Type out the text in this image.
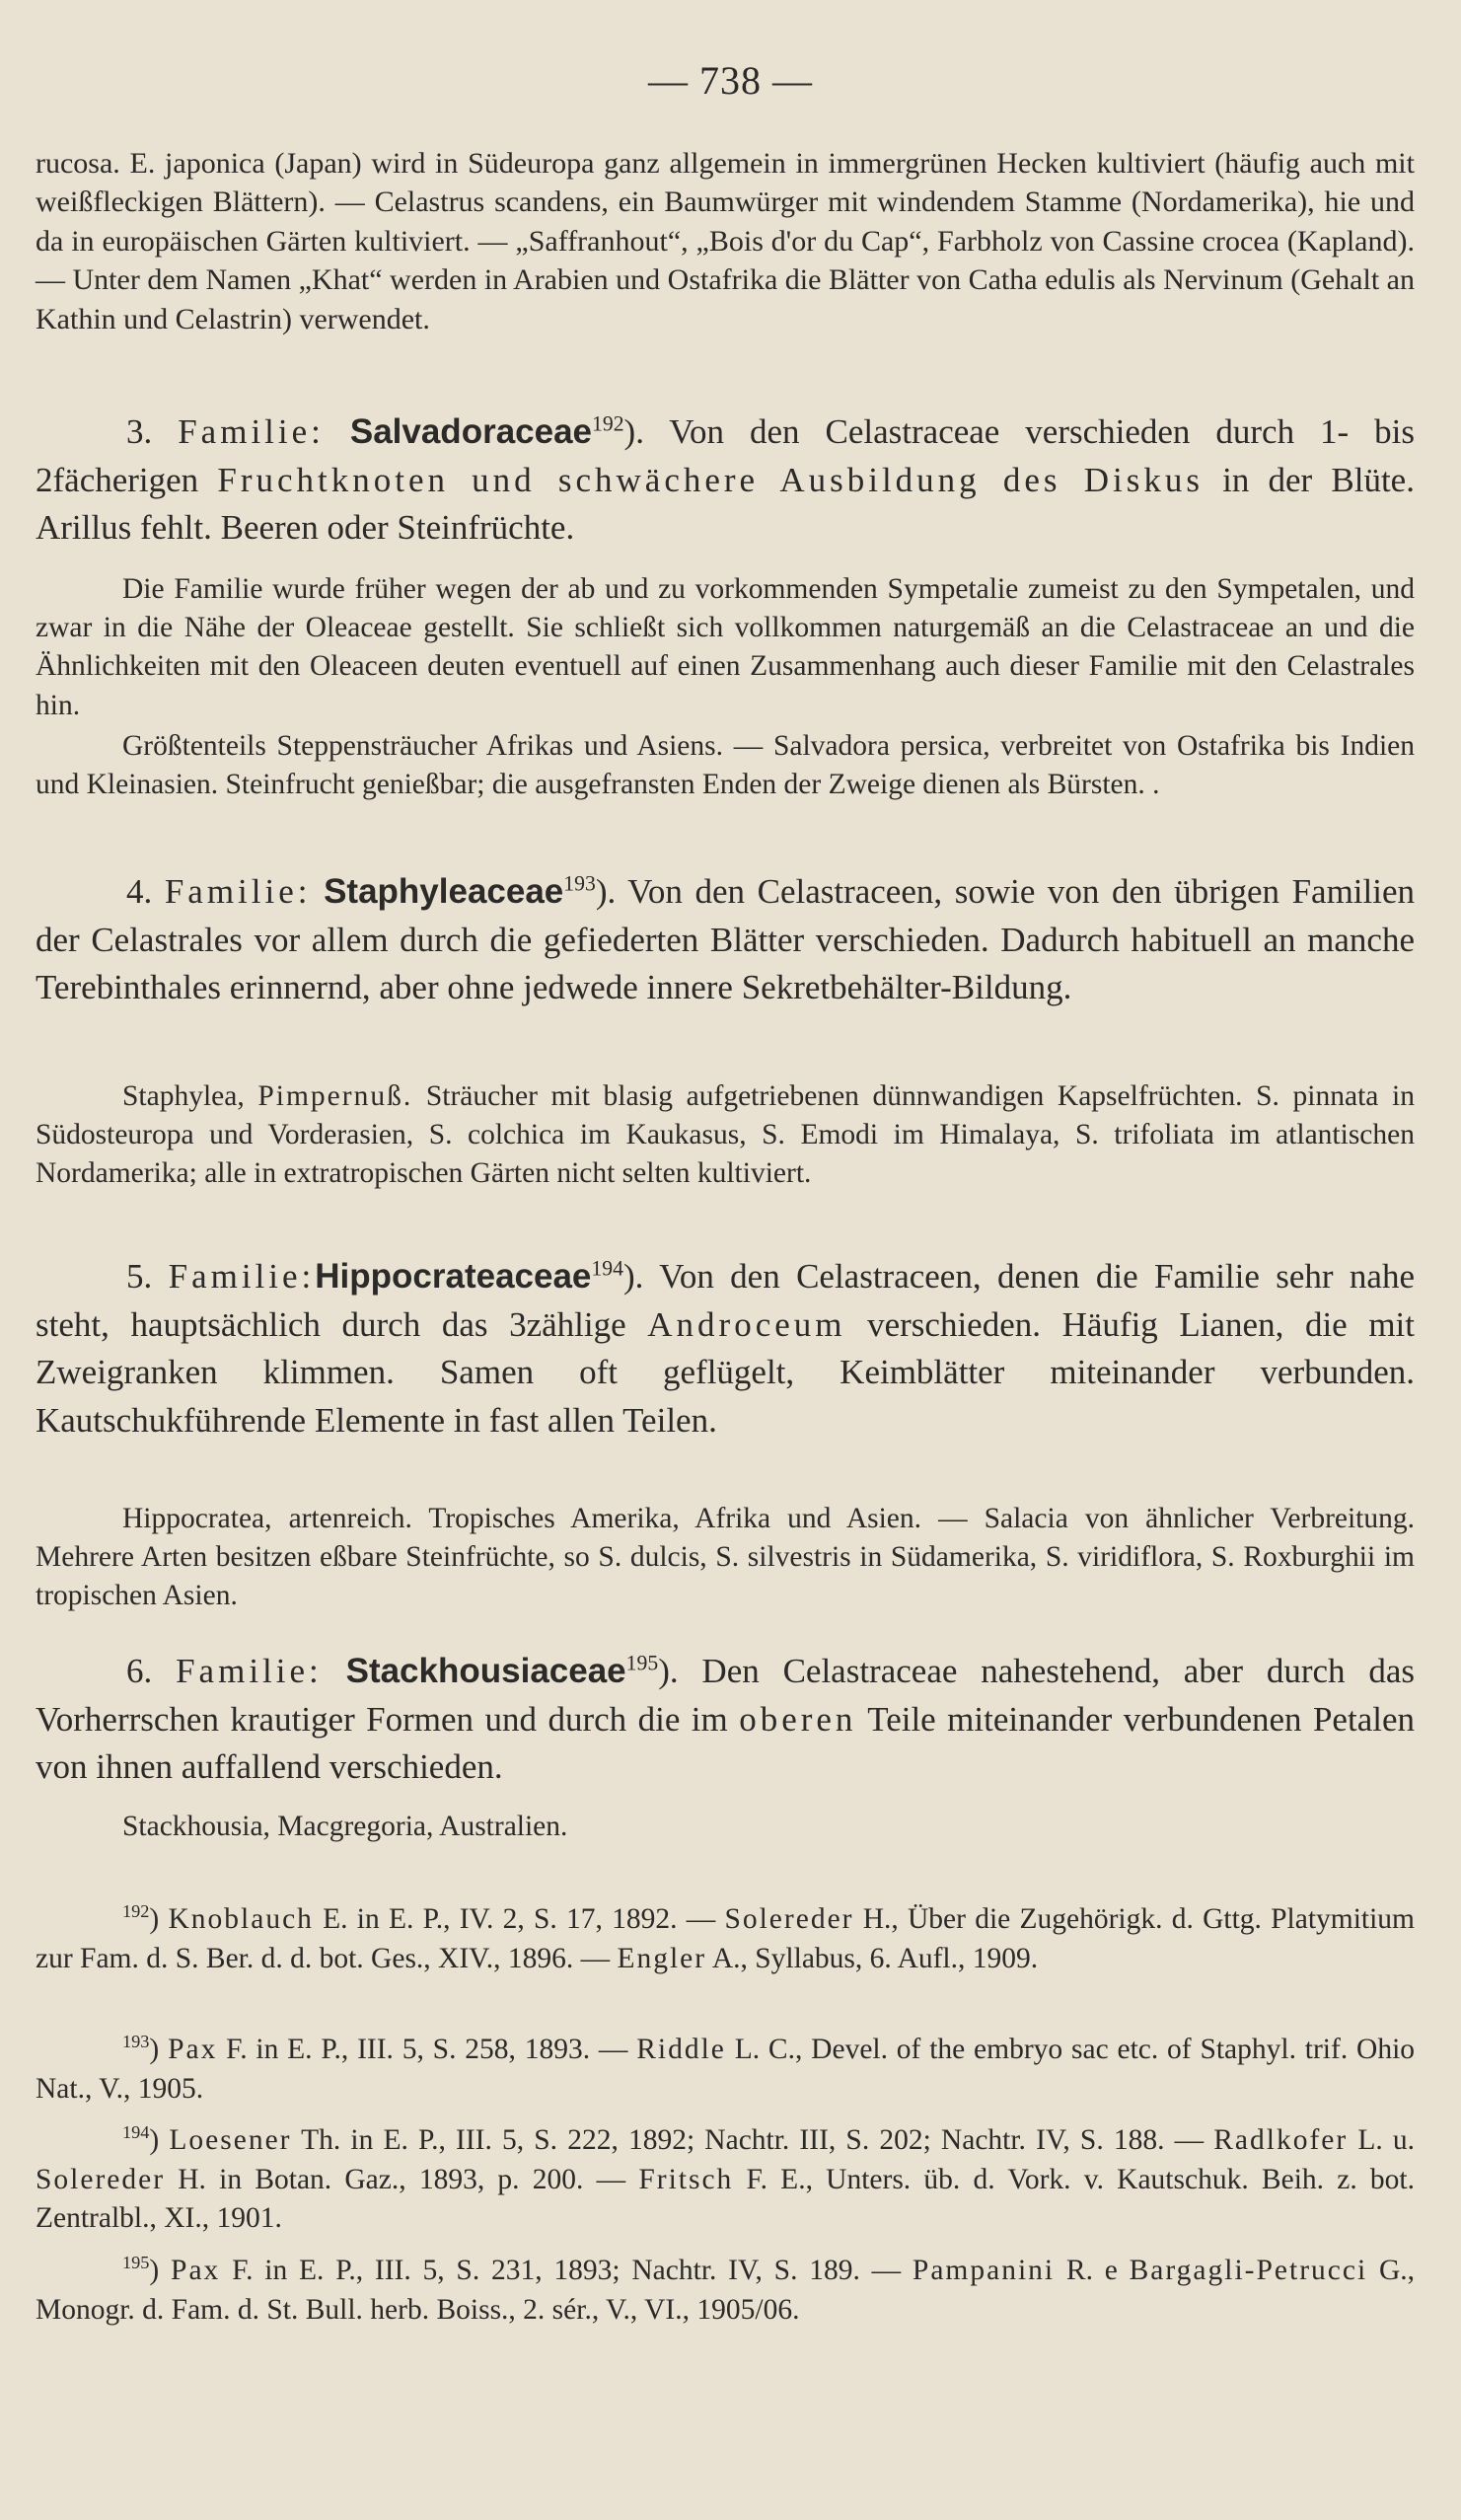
— 738 —
rucosa. E. japonica (Japan) wird in Südeuropa ganz allgemein in immergrünen Hecken kultiviert (häufig auch mit weißfleckigen Blättern). — Celastrus scandens, ein Baumwürger mit windendem Stamme (Nordamerika), hie und da in europäischen Gärten kultiviert. — „Saffranhout“, „Bois d'or du Cap“, Farbholz von Cassine crocea (Kapland). — Unter dem Namen „Khat“ werden in Arabien und Ostafrika die Blätter von Catha edulis als Nervinum (Gehalt an Kathin und Celastrin) verwendet.
3. Familie: Salvadoraceae$^{192}$). Von den Celastraceae verschieden durch 1- bis 2fächerigen Fruchtknoten und schwächere Ausbildung des Diskus in der Blüte. Arillus fehlt. Beeren oder Steinfrüchte.
Die Familie wurde früher wegen der ab und zu vorkommenden Sympetalie zumeist zu den Sympetalen, und zwar in die Nähe der Oleaceae gestellt. Sie schließt sich vollkommen naturgemäß an die Celastraceae an und die Ähnlichkeiten mit den Oleaceen deuten eventuell auf einen Zusammenhang auch dieser Familie mit den Celastrales hin.
Größtenteils Steppensträucher Afrikas und Asiens. — Salvadora persica, verbreitet von Ostafrika bis Indien und Kleinasien. Steinfrucht genießbar; die ausgefransten Enden der Zweige dienen als Bürsten. .
4. Familie: Staphyleaceae$^{193}$). Von den Celastraceen, sowie von den übrigen Familien der Celastrales vor allem durch die gefiederten Blätter verschieden. Dadurch habituell an manche Terebinthales erinnernd, aber ohne jedwede innere Sekretbehälter-Bildung.
Staphylea, Pimpernuß. Sträucher mit blasig aufgetriebenen dünnwandigen Kapselfrüchten. S. pinnata in Südosteuropa und Vorderasien, S. colchica im Kaukasus, S. Emodi im Himalaya, S. trifoliata im atlantischen Nordamerika; alle in extratropischen Gärten nicht selten kultiviert.
5. Familie:Hippocrateaceae$^{194}$). Von den Celastraceen, denen die Familie sehr nahe steht, hauptsächlich durch das 3zählige Androceum verschieden. Häufig Lianen, die mit Zweigranken klimmen. Samen oft geflügelt, Keimblätter miteinander verbunden. Kautschukführende Elemente in fast allen Teilen.
Hippocratea, artenreich. Tropisches Amerika, Afrika und Asien. — Salacia von ähnlicher Verbreitung. Mehrere Arten besitzen eßbare Steinfrüchte, so S. dulcis, S. silvestris in Südamerika, S. viridiflora, S. Roxburghii im tropischen Asien.
6. Familie: Stackhousiaceae$^{195}$). Den Celastraceae nahestehend, aber durch das Vorherrschen krautiger Formen und durch die im oberen Teile miteinander verbundenen Petalen von ihnen auffallend verschieden.
Stackhousia, Macgregoria, Australien.
$^{192}$) Knoblauch E. in E. P., IV. 2, S. 17, 1892. — Solereder H., Über die Zugehörigk. d. Gttg. Platymitium zur Fam. d. S. Ber. d. d. bot. Ges., XIV., 1896. — Engler A., Syllabus, 6. Aufl., 1909.
$^{193}$) Pax F. in E. P., III. 5, S. 258, 1893. — Riddle L. C., Devel. of the embryo sac etc. of Staphyl. trif. Ohio Nat., V., 1905.
$^{194}$) Loesener Th. in E. P., III. 5, S. 222, 1892; Nachtr. III, S. 202; Nachtr. IV, S. 188. — Radlkofer L. u. Solereder H. in Botan. Gaz., 1893, p. 200. — Fritsch F. E., Unters. üb. d. Vork. v. Kautschuk. Beih. z. bot. Zentralbl., XI., 1901.
$^{195}$) Pax F. in E. P., III. 5, S. 231, 1893; Nachtr. IV, S. 189. — Pampanini R. e Bargagli-Petrucci G., Monogr. d. Fam. d. St. Bull. herb. Boiss., 2. sér., V., VI., 1905/06.
